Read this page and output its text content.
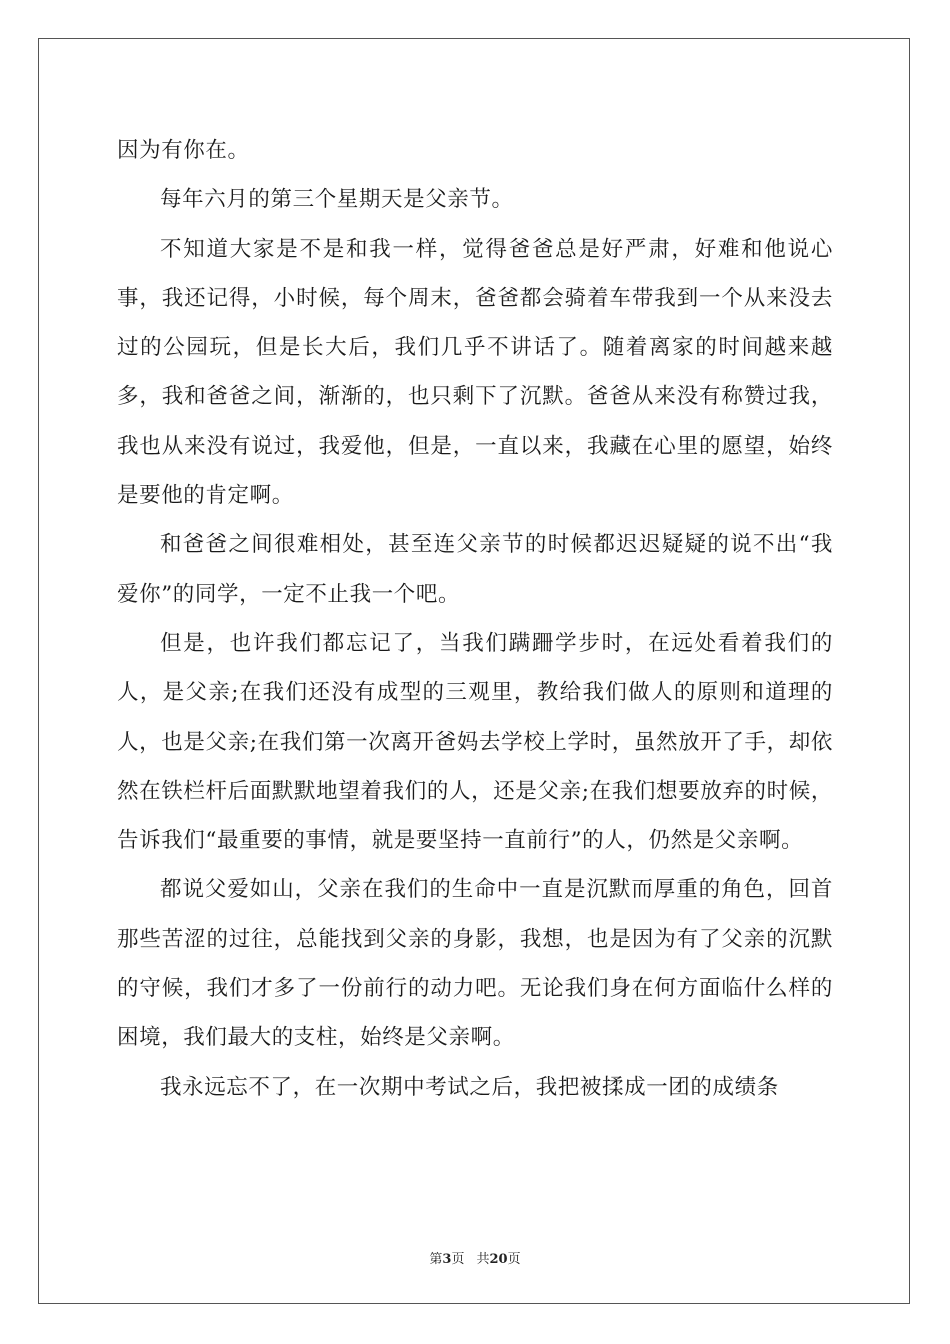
因为有你在。

每年六月的第三个星期天是父亲节。

不知道大家是不是和我一样，觉得爸爸总是好严肃，好难和他说心事，我还记得，小时候，每个周末，爸爸都会骑着车带我到一个从来没去过的公园玩，但是长大后，我们几乎不讲话了。随着离家的时间越来越多，我和爸爸之间，渐渐的，也只剩下了沉默。爸爸从来没有称赞过我，我也从来没有说过，我爱他，但是，一直以来，我藏在心里的愿望，始终是要他的肯定啊。

和爸爸之间很难相处，甚至连父亲节的时候都迟迟疑疑的说不出“我爱你”的同学，一定不止我一个吧。

但是，也许我们都忘记了，当我们蹒跚学步时，在远处看着我们的人，是父亲;在我们还没有成型的三观里，教给我们做人的原则和道理的人，也是父亲;在我们第一次离开爸妈去学校上学时，虽然放开了手，却依然在铁栏杆后面默默地望着我们的人，还是父亲;在我们想要放弃的时候，告诉我们“最重要的事情，就是要坚持一直前行”的人，仍然是父亲啊。

都说父爱如山，父亲在我们的生命中一直是沉默而厚重的角色，回首那些苦涩的过往，总能找到父亲的身影，我想，也是因为有了父亲的沉默的守候，我们才多了一份前行的动力吧。无论我们身在何方面临什么样的困境，我们最大的支柱，始终是父亲啊。

我永远忘不了，在一次期中考试之后，我把被揉成一团的成绩条

第3页 共20页
